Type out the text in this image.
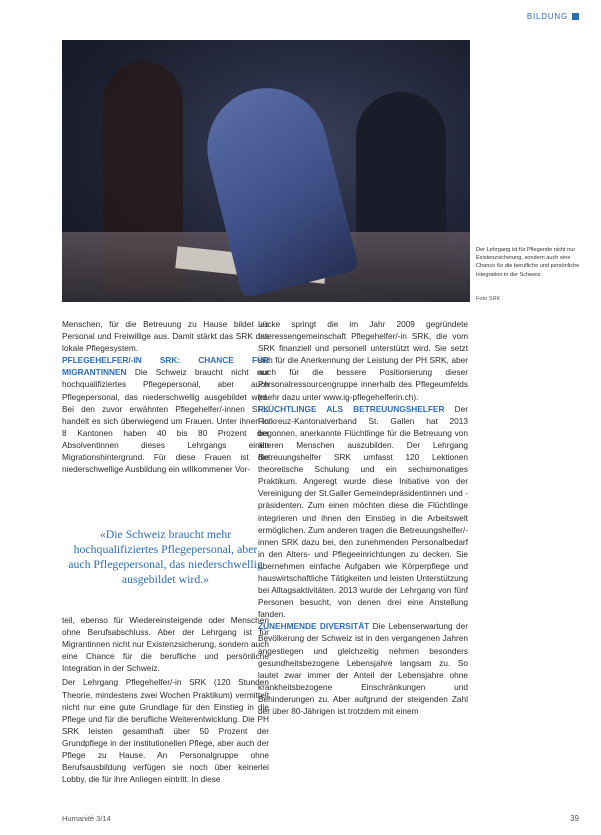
BILDUNG
Der Lehrgang ist für Pflegende nicht nur Existenzsicherung, sondern auch eine Chance für die berufliche und persönliche Integration in der Schweiz.
Foto SRK

Menschen, für die Betreuung zu Hause bildet es Personal und Freiwillige aus. Damit stärkt das SRK das lokale Pflegesystem.

PFLEGEHELFER/-IN SRK: CHANCE FÜR MIGRANTINNEN Die Schweiz braucht nicht nur hochqualifiziertes Pflegepersonal, aber auch Pflegepersonal, das niederschwellig ausgebildet wird. Bei den zuvor erwähnten Pflegehelfer/-innen SRK handelt es sich überwiegend um Frauen. Unter ihnen in 8 Kantonen haben 40 bis 80 Prozent der Absolventinnen dieses Lehrgangs einen Migrationshintergrund. Für diese Frauen ist die niederschwellige Ausbildung ein willkommener Vor-

«Die Schweiz braucht mehr hochqualifiziertes Pflegepersonal, aber auch Pflegepersonal, das niederschwellig ausgebildet wird.»

teil, ebenso für Wiedereinsteigende oder Menschen ohne Berufsabschluss. Aber der Lehrgang ist für Migrantinnen nicht nur Existenzsicherung, sondern auch eine Chance für die berufliche und persönliche Integration in der Schweiz.

Der Lehrgang Pflegehelfer/-in SRK (120 Stunden Theorie, mindestens zwei Wochen Praktikum) vermittelt nicht nur eine gute Grundlage für den Einstieg in die Pflege und für die berufliche Weiterentwicklung. Die PH SRK leisten gesamthaft über 50 Prozent der Grundpflege in der institutionellen Pflege, aber auch der Pflege zu Hause. An Personalgruppe ohne Berufsausbildung verfügen sie noch über keinerlei Lobby, die für ihre Anliegen eintritt. In diese

Lücke springt die im Jahr 2009 gegründete Interessengemeinschaft Pflegehelfer/-in SRK, die vom SRK finanziell und personell unterstützt wird. Sie setzt sich für die Anerkennung der Leistung der PH SRK, aber auch für die bessere Positionierung dieser Personalressourcengruppe innerhalb des Pflegeumfelds (mehr dazu unter www.ig-pflegehelferin.ch).

FLÜCHTLINGE ALS BETREUUNGSHELFER Der Rotkreuz-Kantonalverband St. Gallen hat 2013 begonnen, anerkannte Flüchtlinge für die Betreuung von älteren Menschen auszubilden. Der Lehrgang Betreuungshelfer SRK umfasst 120 Lektionen theoretische Schulung und ein sechsmonatiges Praktikum. Angeregt wurde diese Initiative von der Vereinigung der St.Galler Gemeindepräsidentinnen und -präsidenten. Zum einen möchten diese die Flüchtlinge integrieren und ihnen den Einstieg in die Arbeitswelt ermöglichen. Zum anderen tragen die Betreuungshelfer/-innen SRK dazu bei, den zunehmenden Personalbedarf in den Alters- und Pflegeeinrichtungen zu decken. Sie übernehmen einfache Aufgaben wie Körperpflege und hauswirtschaftliche Tätigkeiten und leisten Unterstützung bei Alltagsaktivitäten. 2013 wurde der Lehrgang von fünf Personen besucht, von denen drei eine Anstellung fanden.

ZUNEHMENDE DIVERSITÄT Die Lebenserwartung der Bevölkerung der Schweiz ist in den vergangenen Jahren angestiegen und gleichzeitig nehmen besonders gesundheitsbezogene Lebensjahre langsam zu. So lautet zwar immer der Anteil der Lebensjahre ohne krankheitsbezogene Einschränkungen und Behinderungen zu. Aber aufgrund der steigenden Zahl der über 80-Jährigen ist trotzdem mit einem

Humanité 3/14	39
